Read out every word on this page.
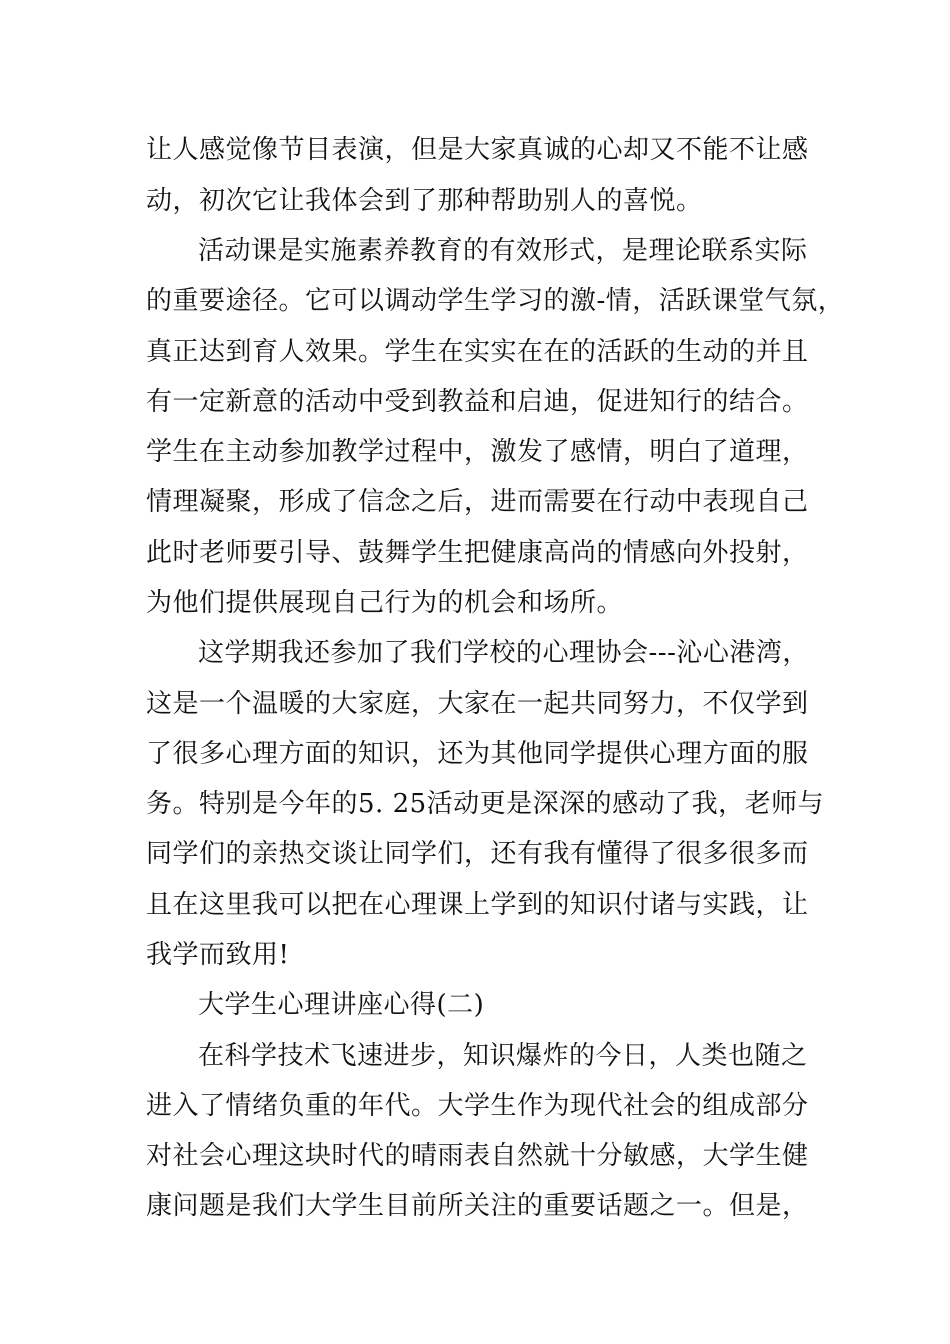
让人感觉像节目表演，但是大家真诚的心却又不能不让感
动，初次它让我体会到了那种帮助别人的喜悦。
活动课是实施素养教育的有效形式，是理论联系实际
的重要途径。它可以调动学生学习的激-情，活跃课堂气氛，
真正达到育人效果。学生在实实在在的活跃的生动的并且
有一定新意的活动中受到教益和启迪，促进知行的结合。
学生在主动参加教学过程中，激发了感情，明白了道理，
情理凝聚，形成了信念之后，进而需要在行动中表现自己
此时老师要引导、鼓舞学生把健康高尚的情感向外投射，
为他们提供展现自己行为的机会和场所。
这学期我还参加了我们学校的心理协会---沁心港湾，
这是一个温暖的大家庭，大家在一起共同努力，不仅学到
了很多心理方面的知识，还为其他同学提供心理方面的服
务。特别是今年的5. 25活动更是深深的感动了我，老师与
同学们的亲热交谈让同学们，还有我有懂得了很多很多而
且在这里我可以把在心理课上学到的知识付诸与实践，让
我学而致用!
大学生心理讲座心得(二)
在科学技术飞速进步，知识爆炸的今日，人类也随之
进入了情绪负重的年代。大学生作为现代社会的组成部分
对社会心理这块时代的晴雨表自然就十分敏感，大学生健
康问题是我们大学生目前所关注的重要话题之一。但是，
